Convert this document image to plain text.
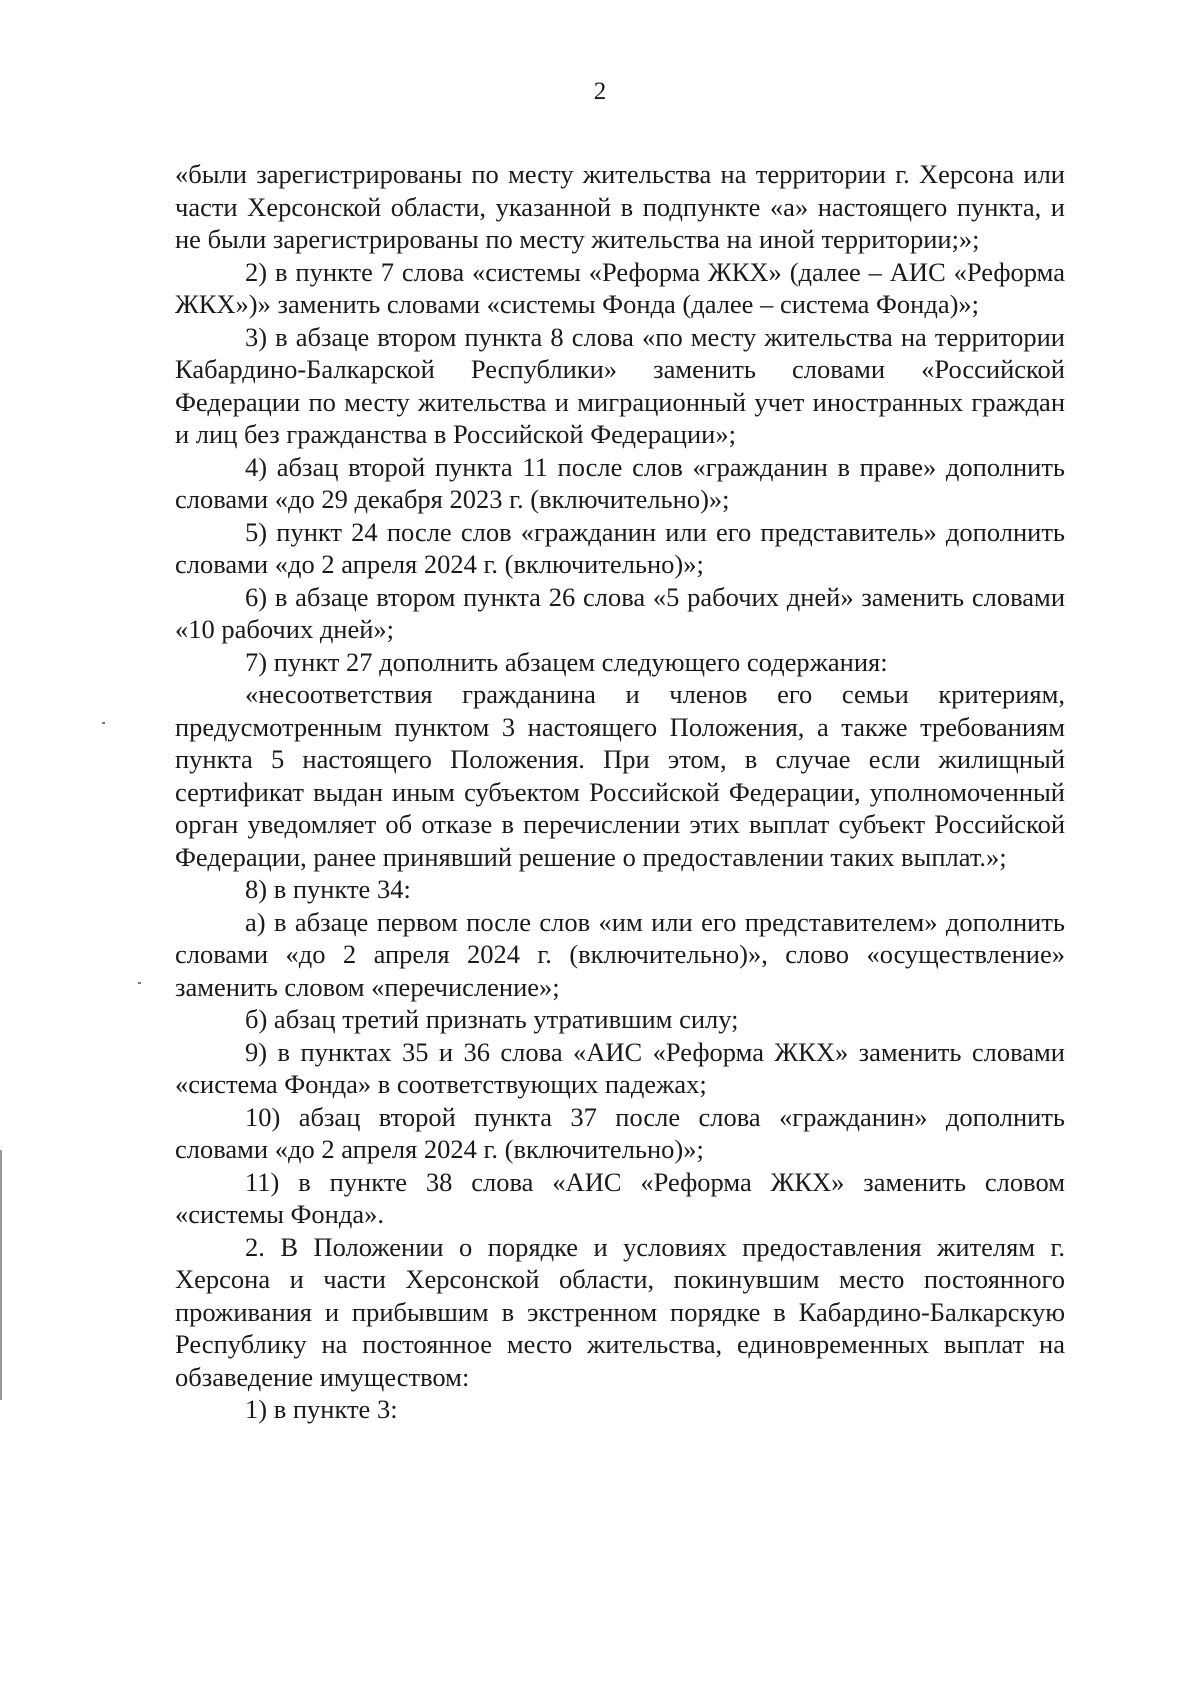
2

«были зарегистрированы по месту жительства на территории г. Херсона или части Херсонской области, указанной в подпункте «а» настоящего пункта, и не были зарегистрированы по месту жительства на иной территории;»;

2) в пункте 7 слова «системы «Реформа ЖКХ» (далее – АИС «Реформа ЖКХ»)» заменить словами «системы Фонда (далее – система Фонда)»;

3) в абзаце втором пункта 8 слова «по месту жительства на территории Кабардино-Балкарской Республики» заменить словами «Российской Федерации по месту жительства и миграционный учет иностранных граждан и лиц без гражданства в Российской Федерации»;

4) абзац второй пункта 11 после слов «гражданин в праве» дополнить словами «до 29 декабря 2023 г. (включительно)»;

5) пункт 24 после слов «гражданин или его представитель» дополнить словами «до 2 апреля 2024 г. (включительно)»;

6) в абзаце втором пункта 26 слова «5 рабочих дней» заменить словами «10 рабочих дней»;

7) пункт 27 дополнить абзацем следующего содержания:

«несоответствия гражданина и членов его семьи критериям, предусмотренным пунктом 3 настоящего Положения, а также требованиям пункта 5 настоящего Положения. При этом, в случае если жилищный сертификат выдан иным субъектом Российской Федерации, уполномоченный орган уведомляет об отказе в перечислении этих выплат субъект Российской Федерации, ранее принявший решение о предоставлении таких выплат.»;

8) в пункте 34:

а) в абзаце первом после слов «им или его представителем» дополнить словами «до 2 апреля 2024 г. (включительно)», слово «осуществление» заменить словом «перечисление»;

б) абзац третий признать утратившим силу;

9) в пунктах 35 и 36 слова «АИС «Реформа ЖКХ» заменить словами «система Фонда» в соответствующих падежах;

10) абзац второй пункта 37 после слова «гражданин» дополнить словами «до 2 апреля 2024 г. (включительно)»;

11) в пункте 38 слова «АИС «Реформа ЖКХ» заменить словом «системы Фонда».

2. В Положении о порядке и условиях предоставления жителям г. Херсона и части Херсонской области, покинувшим место постоянного проживания и прибывшим в экстренном порядке в Кабардино-Балкарскую Республику на постоянное место жительства, единовременных выплат на обзаведение имуществом:

1) в пункте 3:
